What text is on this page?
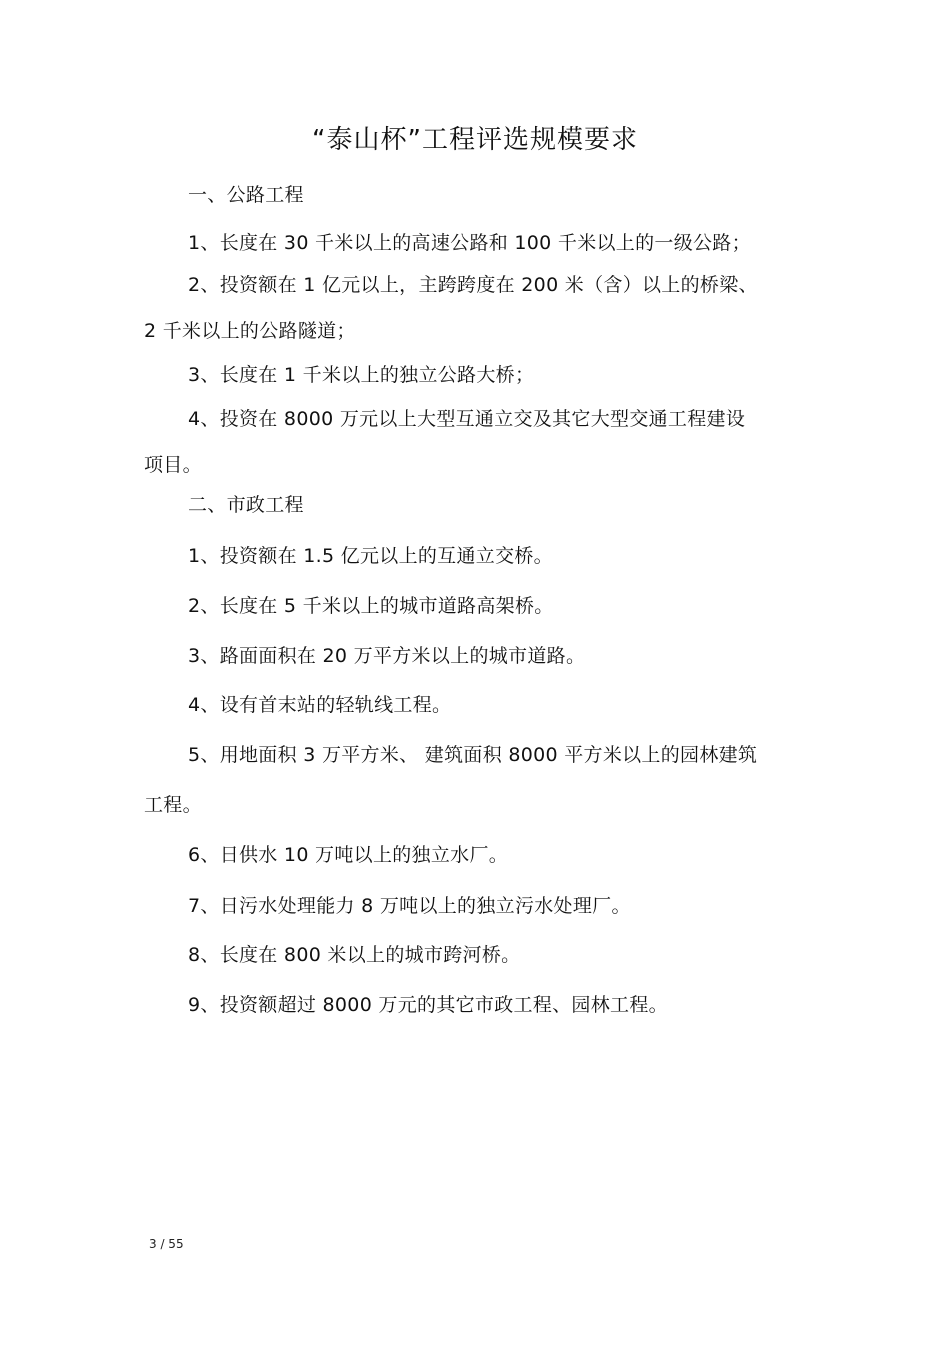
“泰山杯”工程评选规模要求
一、公路工程
1、长度在 30 千米以上的高速公路和 100 千米以上的一级公路；
2、投资额在 1 亿元以上，主跨跨度在 200 米（含）以上的桥梁、
2 千米以上的公路隧道；
3、长度在 1 千米以上的独立公路大桥；
4、投资在 8000 万元以上大型互通立交及其它大型交通工程建设
项目。
二、市政工程
1、投资额在 1.5 亿元以上的互通立交桥。
2、长度在 5 千米以上的城市道路高架桥。
3、路面面积在 20 万平方米以上的城市道路。
4、设有首末站的轻轨线工程。
5、用地面积 3 万平方米、 建筑面积 8000 平方米以上的园林建筑
工程。
6、日供水 10 万吨以上的独立水厂。
7、日污水处理能力 8 万吨以上的独立污水处理厂。
8、长度在 800 米以上的城市跨河桥。
9、投资额超过 8000 万元的其它市政工程、园林工程。
3 / 55
